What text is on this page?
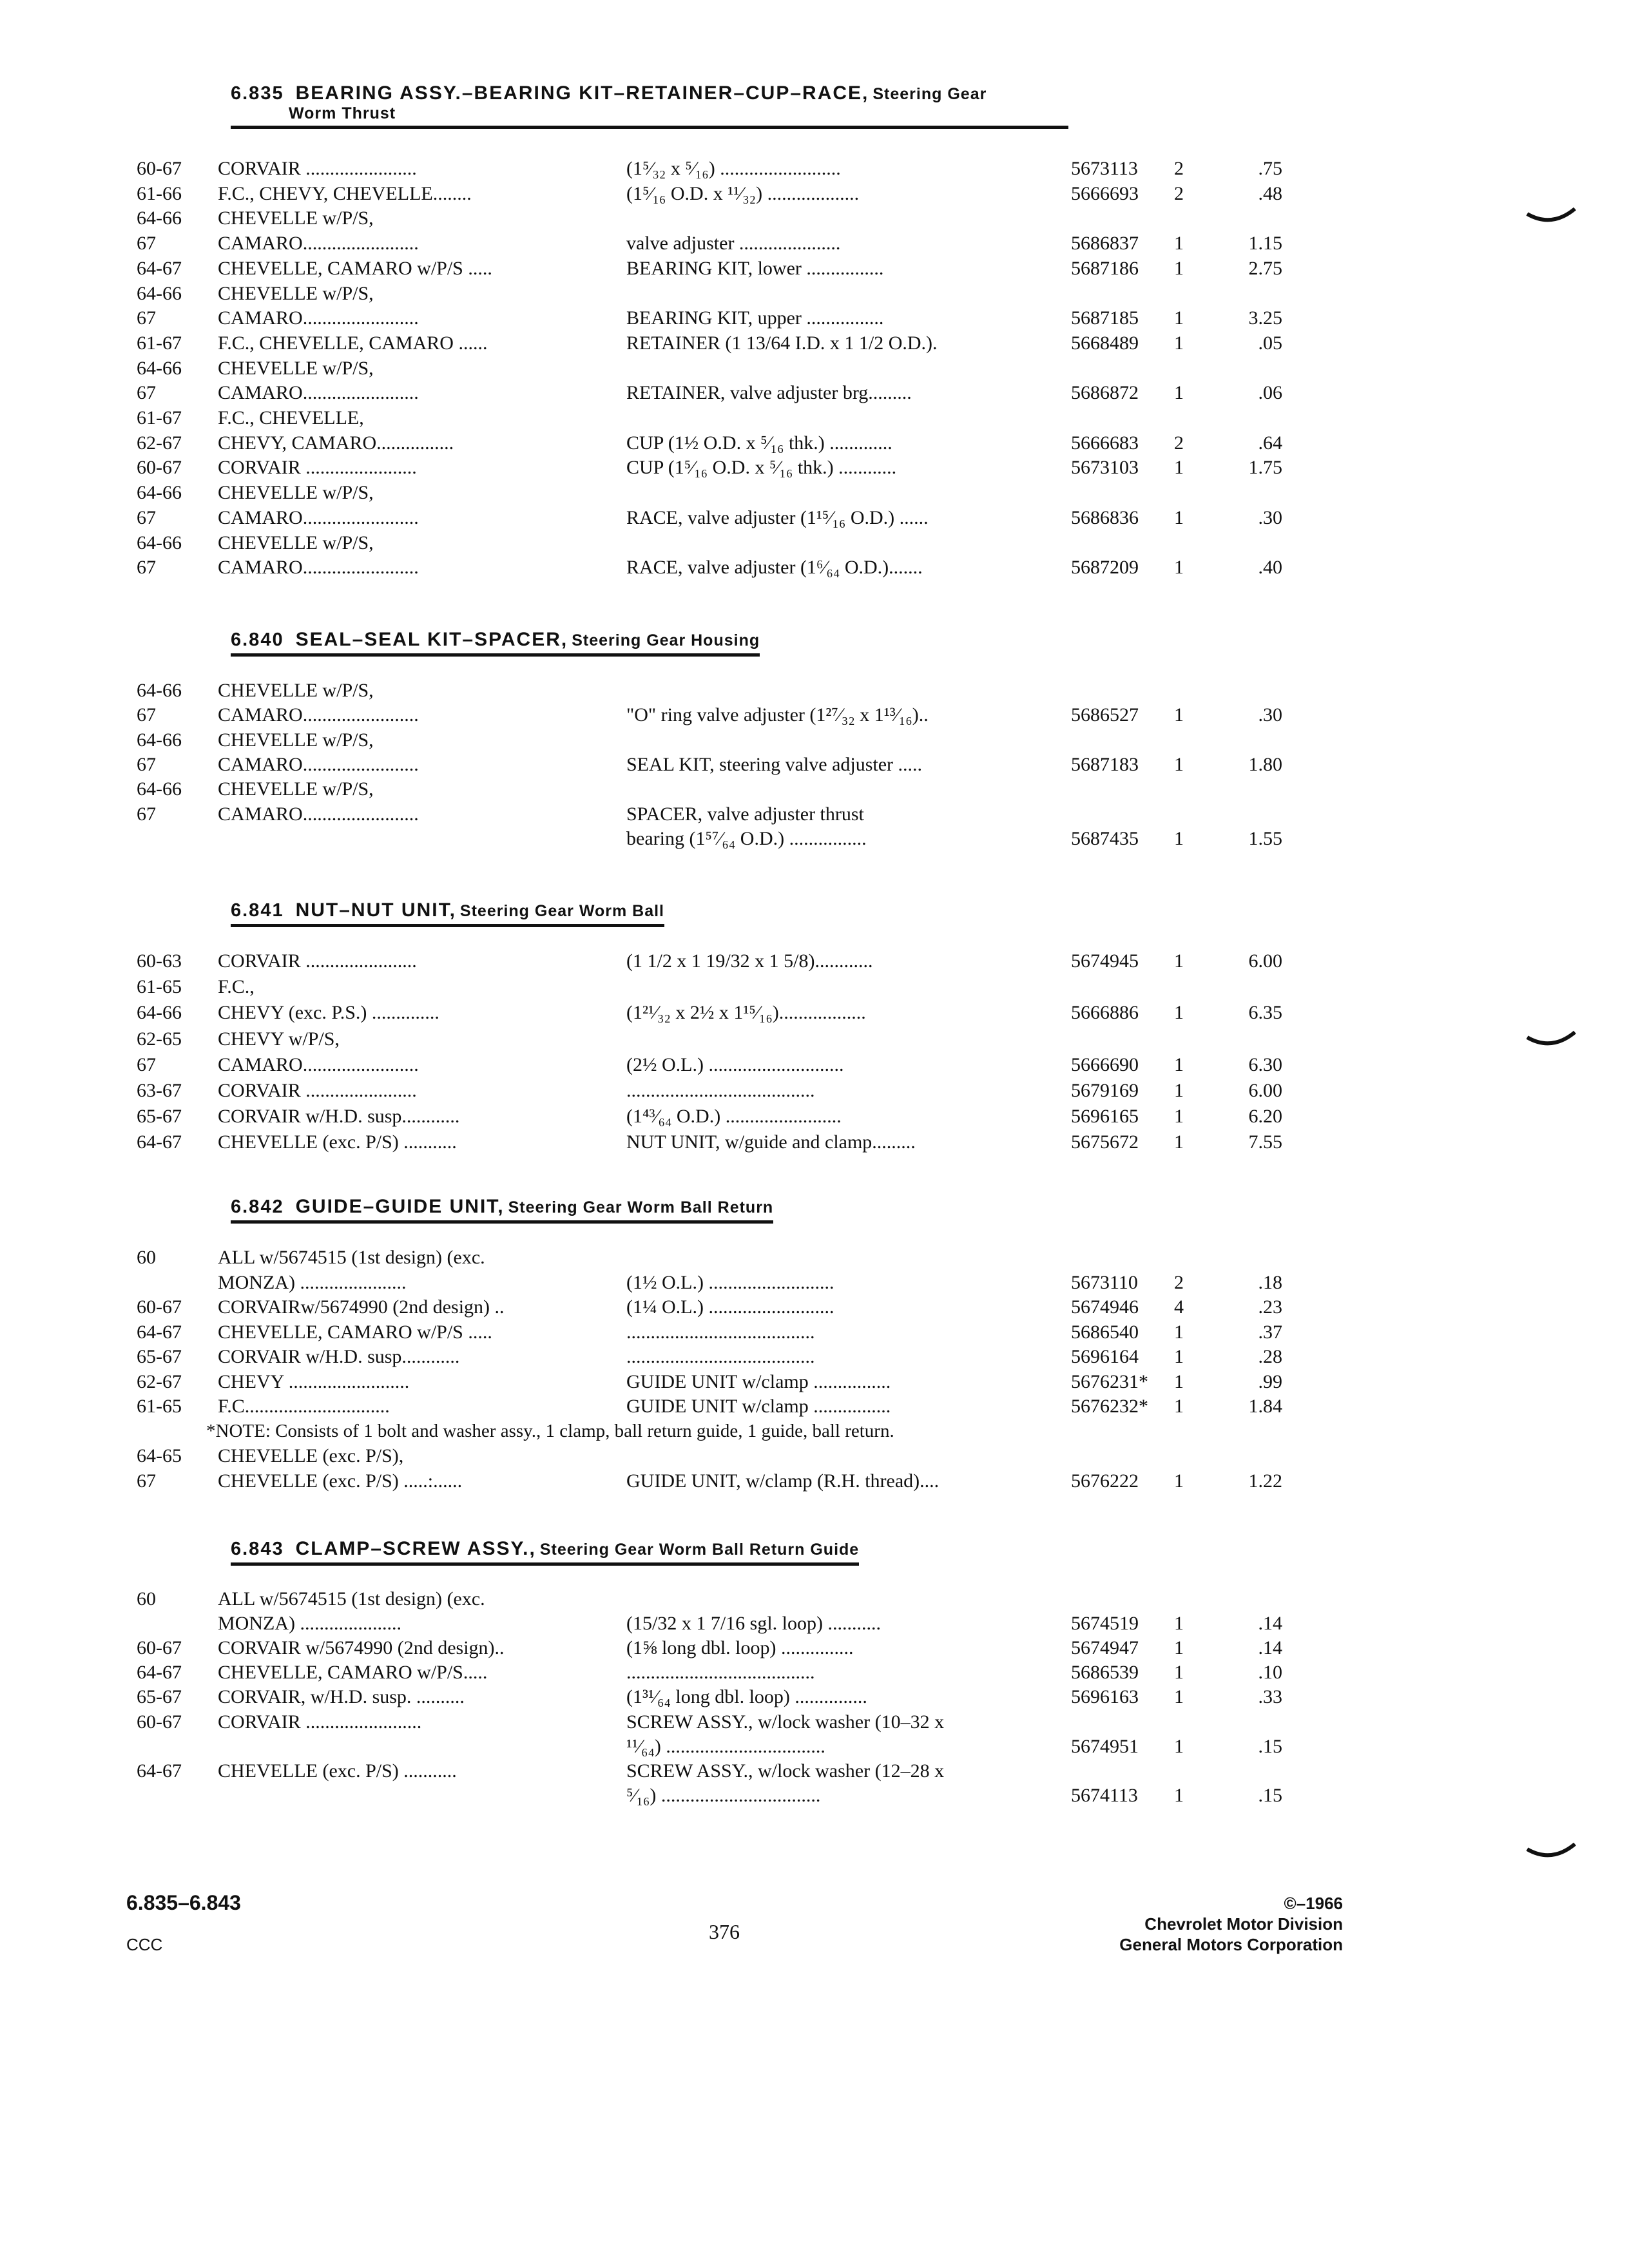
6.835 BEARING ASSY.–BEARING KIT–RETAINER–CUP–RACE, Steering Gear
Worm Thrust
60-67 CORVAIR .......................	(1⁵⁄₃₂ x ⁵⁄₁₆) .........................	5673113 2	.75
61-66 F.C., CHEVY, CHEVELLE........	(1⁵⁄₁₆ O.D. x ¹¹⁄₃₂) ...................	5666693 2	.48
64-66 CHEVELLE w/P/S,
67	CAMARO........................	valve adjuster .....................	5686837 1	1.15
64-67 CHEVELLE, CAMARO w/P/S .....	BEARING KIT, lower ................	5687186 1	2.75
64-66 CHEVELLE w/P/S,
67	CAMARO........................	BEARING KIT, upper ................	5687185 1	3.25
61-67 F.C., CHEVELLE, CAMARO ......	RETAINER (1 13/64 I.D. x 1 1/2 O.D.).	5668489 1	.05
64-66 CHEVELLE w/P/S,
67	CAMARO........................	RETAINER, valve adjuster brg.........	5686872 1	.06
61-67 F.C., CHEVELLE,
62-67 CHEVY, CAMARO................	CUP (1½ O.D. x ⁵⁄₁₆ thk.) .............	5666683 2	.64
60-67 CORVAIR .......................	CUP (1⁵⁄₁₆ O.D. x ⁵⁄₁₆ thk.) ............	5673103 1	1.75
64-66 CHEVELLE w/P/S,
67	CAMARO........................	RACE, valve adjuster (1¹⁵⁄₁₆ O.D.) ......	5686836 1	.30
64-66 CHEVELLE w/P/S,
67	CAMARO........................	RACE, valve adjuster (1⁶⁄₆₄ O.D.).......	5687209 1	.40
6.840 SEAL–SEAL KIT–SPACER, Steering Gear Housing
64-66 CHEVELLE w/P/S,
67	CAMARO........................	"O" ring valve adjuster (1²⁷⁄₃₂ x 1¹³⁄₁₆)..	5686527 1	.30
64-66 CHEVELLE w/P/S,
67	CAMARO........................	SEAL KIT, steering valve adjuster .....	5687183 1	1.80
64-66 CHEVELLE w/P/S,
67	CAMARO........................	SPACER, valve adjuster thrust
bearing (1⁵⁷⁄₆₄ O.D.) ................	5687435 1	1.55
6.841 NUT–NUT UNIT, Steering Gear Worm Ball
60-63 CORVAIR .......................	(1 1/2 x 1 19/32 x 1 5/8)............	5674945 1	6.00
61-65 F.C.,
64-66 CHEVY (exc. P.S.) ..............	(1²¹⁄₃₂ x 2½ x 1¹⁵⁄₁₆)..................	5666886 1	6.35
62-65 CHEVY w/P/S,
67	CAMARO........................	(2½ O.L.) ............................	5666690 1	6.30
63-67 CORVAIR .......................	.......................................	5679169 1	6.00
65-67 CORVAIR w/H.D. susp............	(1⁴³⁄₆₄ O.D.) ........................	5696165 1	6.20
64-67 CHEVELLE (exc. P/S) ...........	NUT UNIT, w/guide and clamp.........	5675672 1	7.55
6.842 GUIDE–GUIDE UNIT, Steering Gear Worm Ball Return
60	ALL w/5674515 (1st design) (exc.
MONZA) ......................	(1½ O.L.) ..........................	5673110 2	.18
60-67 CORVAIRw/5674990 (2nd design) ..	(1¼ O.L.) ..........................	5674946 4	.23
64-67 CHEVELLE, CAMARO w/P/S .....	.......................................	5686540 1	.37
65-67 CORVAIR w/H.D. susp............	.......................................	5696164 1	.28
62-67 CHEVY .........................	GUIDE UNIT w/clamp ................	5676231* 1	.99
61-65 F.C..............................	GUIDE UNIT w/clamp ................	5676232* 1	1.84
*NOTE: Consists of 1 bolt and washer assy., 1 clamp, ball return guide, 1 guide, ball return.
64-65 CHEVELLE (exc. P/S),
67	CHEVELLE (exc. P/S) .....:......	GUIDE UNIT, w/clamp (R.H. thread)....	5676222 1	1.22
6.843 CLAMP–SCREW ASSY., Steering Gear Worm Ball Return Guide
60	ALL w/5674515 (1st design) (exc.
MONZA) .....................	(15/32 x 1 7/16 sgl. loop) ...........	5674519 1	.14
60-67 CORVAIR w/5674990 (2nd design)..	(1⅝ long dbl. loop) ...............	5674947 1	.14
64-67 CHEVELLE, CAMARO w/P/S.....	.......................................	5686539 1	.10
65-67 CORVAIR, w/H.D. susp. ..........	(1³¹⁄₆₄ long dbl. loop) ...............	5696163 1	.33
60-67 CORVAIR ........................	SCREW ASSY., w/lock washer (10–32 x
¹¹⁄₆₄) .................................	5674951 1	.15
64-67 CHEVELLE (exc. P/S) ...........	SCREW ASSY., w/lock washer (12–28 x
⁵⁄₁₆) .................................	5674113 1	.15
6.835–6.843
CCC
376
©–1966
Chevrolet Motor Division
General Motors Corporation
